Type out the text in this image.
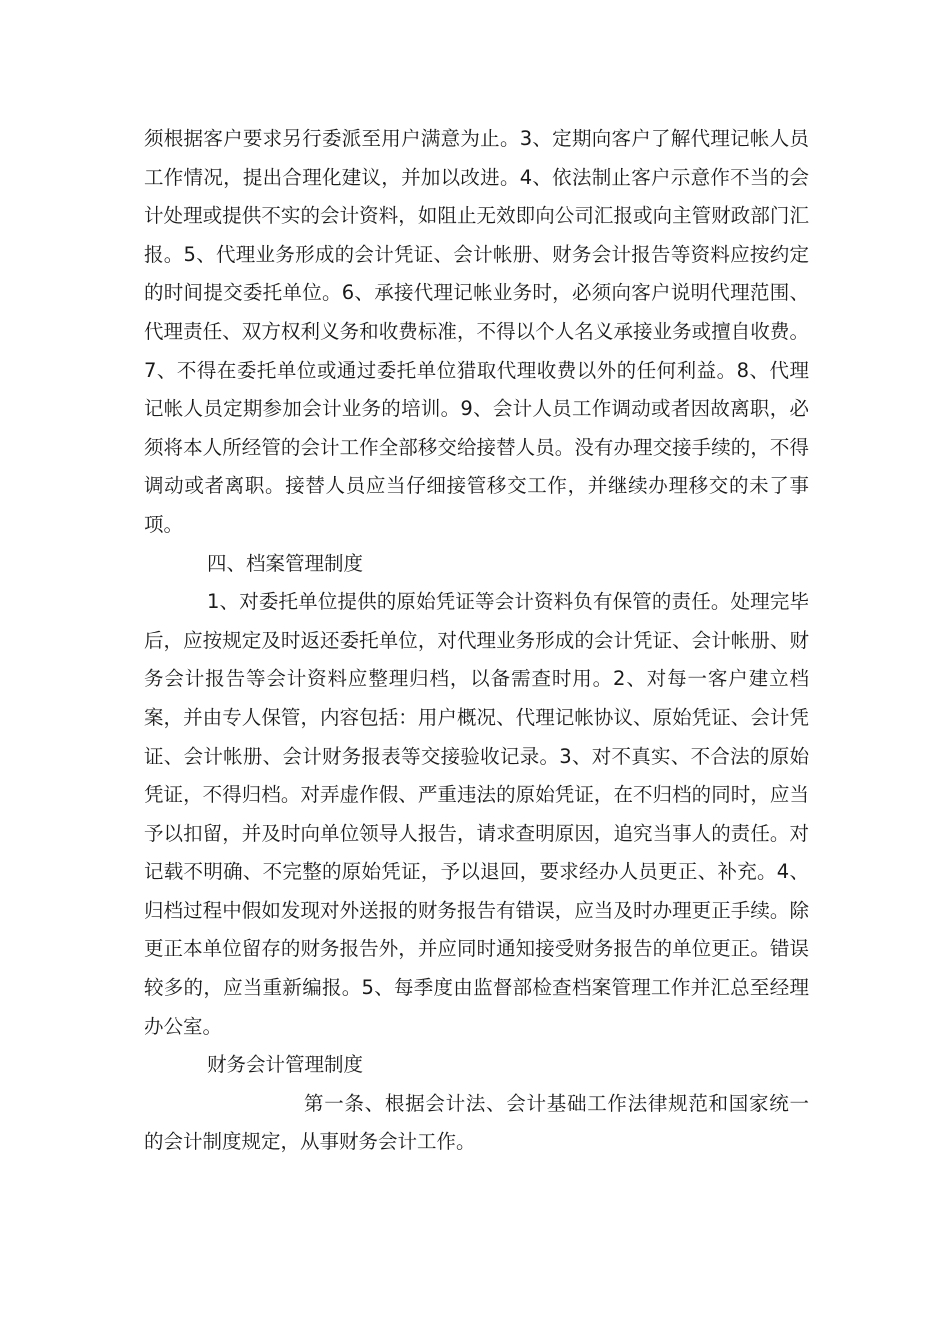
须根据客户要求另行委派至用户满意为止。3、定期向客户了解代理记帐人员工作情况，提出合理化建议，并加以改进。4、依法制止客户示意作不当的会计处理或提供不实的会计资料，如阻止无效即向公司汇报或向主管财政部门汇报。5、代理业务形成的会计凭证、会计帐册、财务会计报告等资料应按约定的时间提交委托单位。6、承接代理记帐业务时，必须向客户说明代理范围、代理责任、双方权利义务和收费标准，不得以个人名义承接业务或擅自收费。7、不得在委托单位或通过委托单位猎取代理收费以外的任何利益。8、代理记帐人员定期参加会计业务的培训。9、会计人员工作调动或者因故离职，必须将本人所经管的会计工作全部移交给接替人员。没有办理交接手续的，不得调动或者离职。接替人员应当仔细接管移交工作，并继续办理移交的未了事项。

四、档案管理制度

1、对委托单位提供的原始凭证等会计资料负有保管的责任。处理完毕后，应按规定及时返还委托单位，对代理业务形成的会计凭证、会计帐册、财务会计报告等会计资料应整理归档，以备需查时用。2、对每一客户建立档案，并由专人保管，内容包括：用户概况、代理记帐协议、原始凭证、会计凭证、会计帐册、会计财务报表等交接验收记录。3、对不真实、不合法的原始凭证，不得归档。对弄虚作假、严重违法的原始凭证，在不归档的同时，应当予以扣留，并及时向单位领导人报告，请求查明原因，追究当事人的责任。对记载不明确、不完整的原始凭证，予以退回，要求经办人员更正、补充。4、归档过程中假如发现对外送报的财务报告有错误，应当及时办理更正手续。除更正本单位留存的财务报告外，并应同时通知接受财务报告的单位更正。错误较多的，应当重新编报。5、每季度由监督部检查档案管理工作并汇总至经理办公室。

财务会计管理制度

第一条、根据会计法、会计基础工作法律规范和国家统一的会计制度规定，从事财务会计工作。
